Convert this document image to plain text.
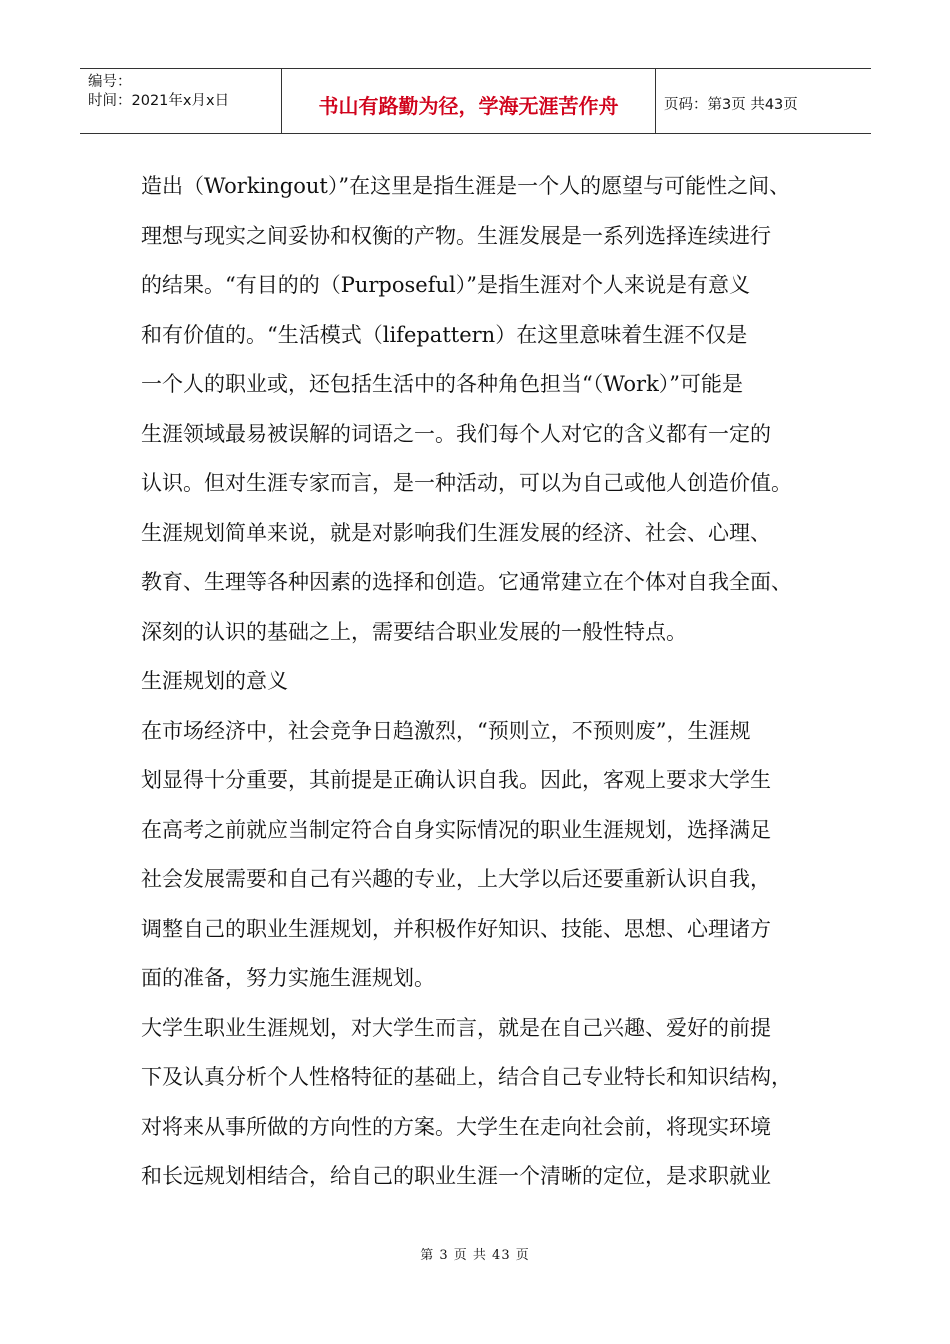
编号：
时间：2021年x月x日	书山有路勤为径，学海无涯苦作舟	页码：第3页 共43页
造出（Workingout）”在这里是指生涯是一个人的愿望与可能性之间、
理想与现实之间妥协和权衡的产物。生涯发展是一系列选择连续进行
的结果。“有目的的（Purposeful）”是指生涯对个人来说是有意义
和有价值的。“生活模式（lifepattern）在这里意味着生涯不仅是
一个人的职业或，还包括生活中的各种角色担当“（Work）”可能是
生涯领域最易被误解的词语之一。我们每个人对它的含义都有一定的
认识。但对生涯专家而言，是一种活动，可以为自己或他人创造价值。
生涯规划简单来说，就是对影响我们生涯发展的经济、社会、心理、
教育、生理等各种因素的选择和创造。它通常建立在个体对自我全面、
深刻的认识的基础之上，需要结合职业发展的一般性特点。
生涯规划的意义
在市场经济中，社会竞争日趋激烈，“预则立，不预则废”，生涯规
划显得十分重要，其前提是正确认识自我。因此，客观上要求大学生
在高考之前就应当制定符合自身实际情况的职业生涯规划，选择满足
社会发展需要和自己有兴趣的专业，上大学以后还要重新认识自我，
调整自己的职业生涯规划，并积极作好知识、技能、思想、心理诸方
面的准备，努力实施生涯规划。
大学生职业生涯规划，对大学生而言，就是在自己兴趣、爱好的前提
下及认真分析个人性格特征的基础上，结合自己专业特长和知识结构，
对将来从事所做的方向性的方案。大学生在走向社会前，将现实环境
和长远规划相结合，给自己的职业生涯一个清晰的定位，是求职就业
第 3 页 共 43 页
